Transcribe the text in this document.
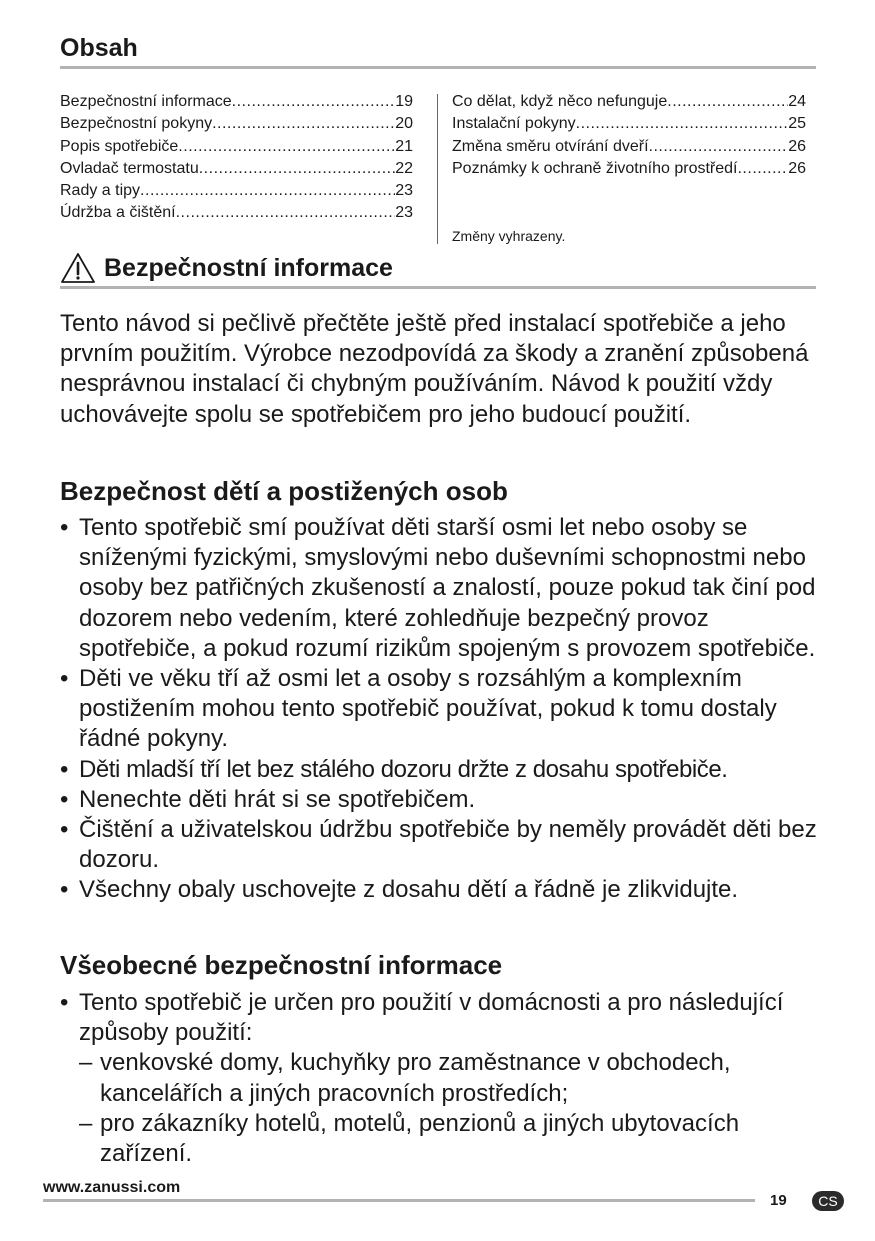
Obsah
Bezpečnostní informace .....	19
Bezpečnostní pokyny .....	20
Popis spotřebiče .....	21
Ovladač termostatu .....	22
Rady a tipy .....	23
Údržba a čištění .....	23
Co dělat, když něco nefunguje .....	24
Instalační pokyny .....	25
Změna směru otvírání dveří .....	26
Poznámky k ochraně životního prostředí .....	26
Změny vyhrazeny.
Bezpečnostní informace
Tento návod si pečlivě přečtěte ještě před instalací spotřebiče a jeho prvním použitím. Výrobce nezodpovídá za škody a zranění způsobená nesprávnou instalací či chybným používáním. Návod k použití vždy uchovávejte spolu se spotřebičem pro jeho budoucí použití.
Bezpečnost dětí a postižených osob
• Tento spotřebič smí používat děti starší osmi let nebo osoby se sníženými fyzickými, smyslovými nebo duševními schopnostmi nebo osoby bez patřičných zkušeností a znalostí, pouze pokud tak činí pod dozorem nebo vedením, které zohledňuje bezpečný provoz spotřebiče, a pokud rozumí rizikům spojeným s provozem spotřebiče.
• Děti ve věku tří až osmi let a osoby s rozsáhlým a komplexním postižením mohou tento spotřebič používat, pokud k tomu dostaly řádné pokyny.
• Děti mladší tří let bez stálého dozoru držte z dosahu spotřebiče.
• Nenechte děti hrát si se spotřebičem.
• Čištění a uživatelskou údržbu spotřebiče by neměly provádět děti bez dozoru.
• Všechny obaly uschovejte z dosahu dětí a řádně je zlikvidujte.
Všeobecné bezpečnostní informace
• Tento spotřebič je určen pro použití v domácnosti a pro následující způsoby použití:
– venkovské domy, kuchyňky pro zaměstnance v obchodech, kancelářích a jiných pracovních prostředích;
– pro zákazníky hotelů, motelů, penzionů a jiných ubytovacích zařízení.
www.zanussi.com
19	CS
